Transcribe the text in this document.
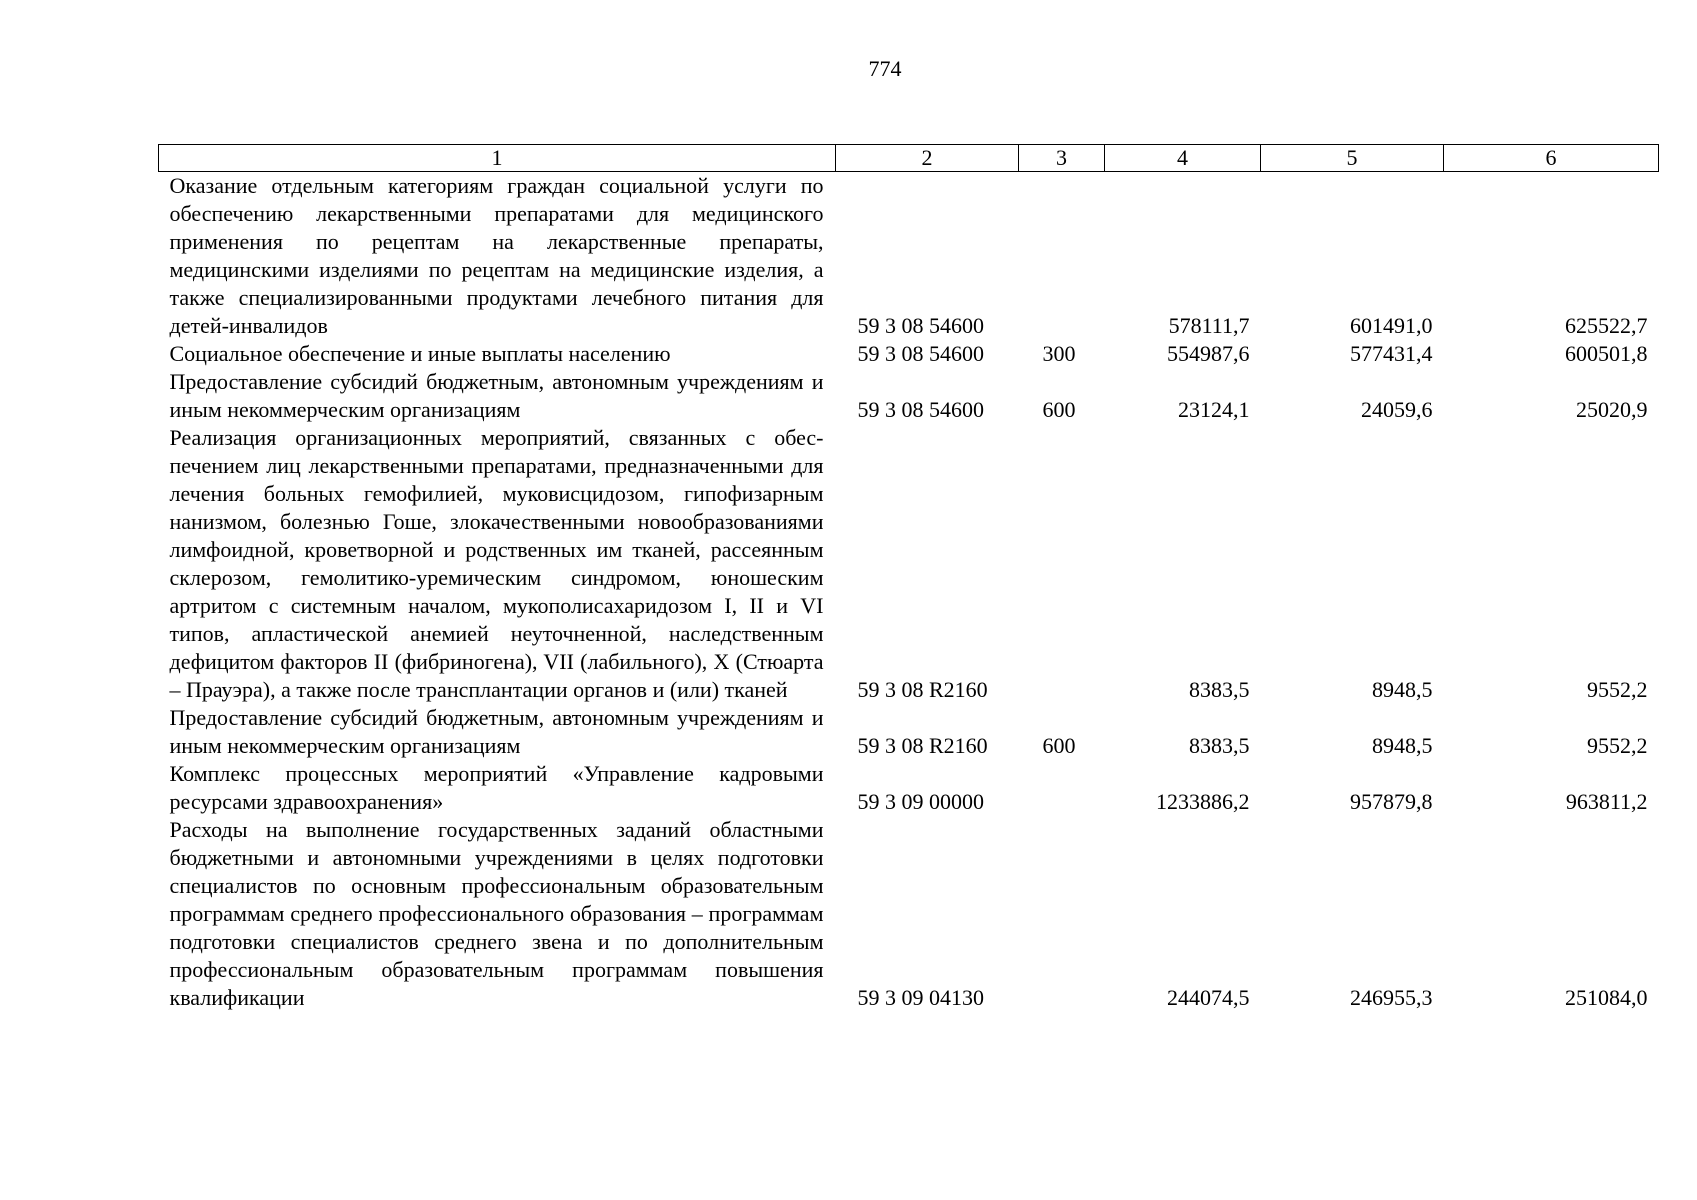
774
1	2	3	4	5	6
Оказание отдельным категориям граждан социальной услуги по обеспечению лекарственными препаратами для медицинского применения по рецептам на лекарственные препараты, медицинскими изделиями по рецептам на медицинские изделия, а также специализированными продуктами лечебного питания для детей-инвалидов	59 3 08 54600		578111,7	601491,0	625522,7
Социальное обеспечение и иные выплаты населению	59 3 08 54600	300	554987,6	577431,4	600501,8
Предоставление субсидий бюджетным, автономным учреждениям и иным некоммерческим организациям	59 3 08 54600	600	23124,1	24059,6	25020,9
Реализация организационных мероприятий, связанных с обеспечением лиц лекарственными препаратами, предназначенными для лечения больных гемофилией, муковисцидозом, гипофизарным нанизмом, болезнью Гоше, злокачественными новообразованиями лимфоидной, кроветворной и родственных им тканей, рассеянным склерозом, гемолитико-уремическим синдромом, юношеским артритом с системным началом, мукополисахаридозом I, II и VI типов, апластической анемией неуточненной, наследственным дефицитом факторов II (фибриногена), VII (лабильного), X (Стюарта – Прауэра), а также после трансплантации органов и (или) тканей	59 3 08 R2160		8383,5	8948,5	9552,2
Предоставление субсидий бюджетным, автономным учреждениям и иным некоммерческим организациям	59 3 08 R2160	600	8383,5	8948,5	9552,2
Комплекс процессных мероприятий «Управление кадровыми ресурсами здравоохранения»	59 3 09 00000		1233886,2	957879,8	963811,2
Расходы на выполнение государственных заданий областными бюджетными и автономными учреждениями в целях подготовки специалистов по основным профессиональным образовательным программам среднего профессионального образования – программам подготовки специалистов среднего звена и по дополнительным профессиональным образовательным программам повышения квалификации	59 3 09 04130		244074,5	246955,3	251084,0
